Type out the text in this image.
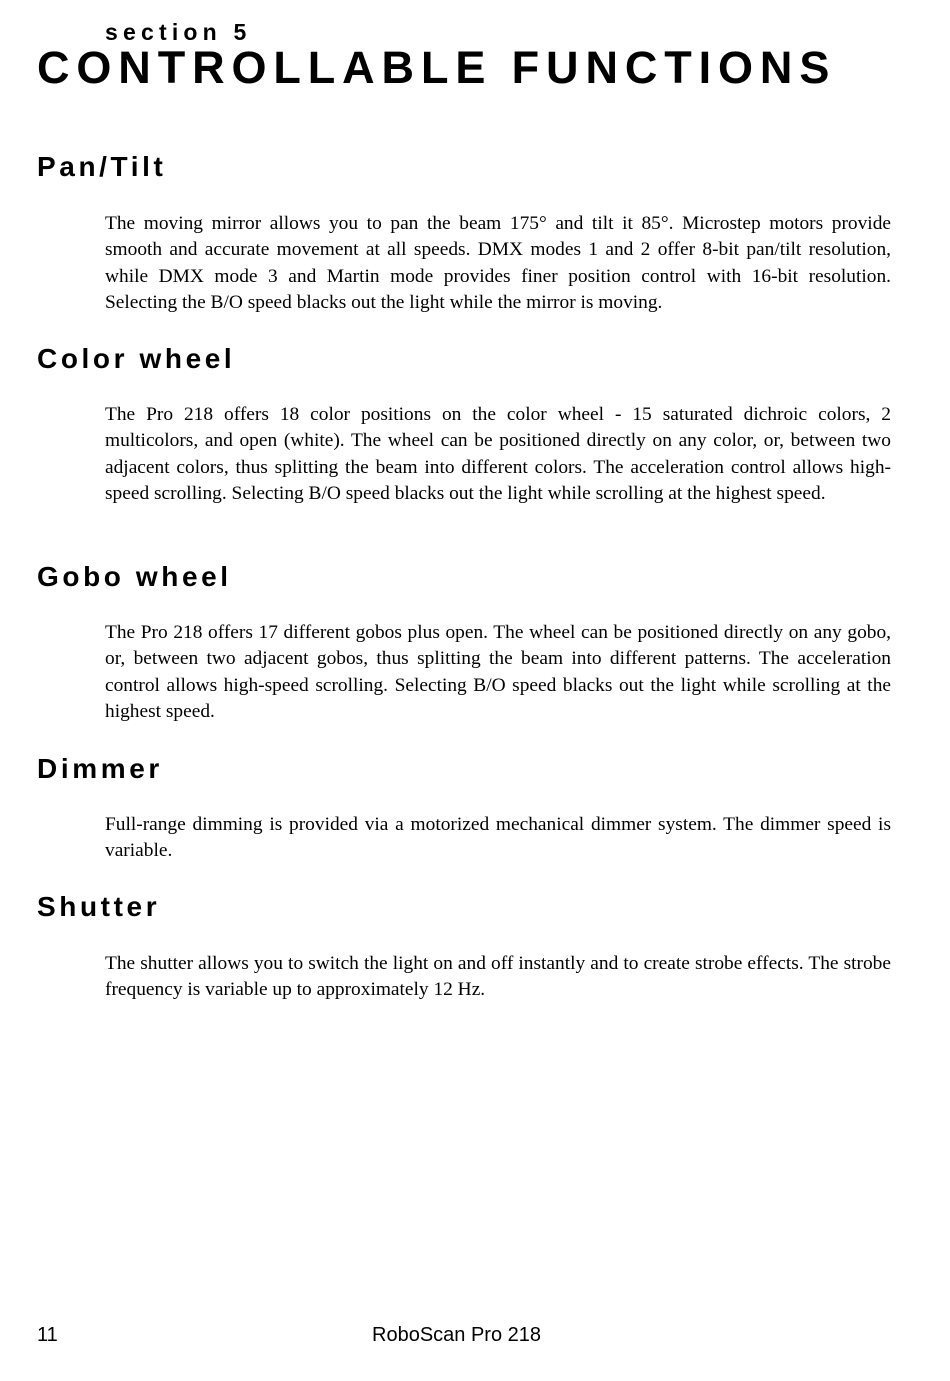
section 5
CONTROLLABLE FUNCTIONS
Pan/Tilt

The moving mirror allows you to pan the beam 175° and tilt it 85°. Microstep motors provide smooth and accurate movement at all speeds. DMX modes 1 and 2 offer 8-bit pan/tilt resolution, while DMX mode 3 and Martin mode provides finer position control with 16-bit resolution. Selecting the B/O speed blacks out the light while the mirror is moving.

Color wheel

The Pro 218 offers 18 color positions on the color wheel - 15 saturated dichroic colors, 2 multicolors, and open (white). The wheel can be positioned directly on any color, or, between two adjacent colors, thus splitting the beam into different colors. The acceleration control allows high-speed scrolling. Selecting B/O speed blacks out the light while scrolling at the highest speed.

Gobo wheel

The Pro 218 offers 17 different gobos plus open. The wheel can be positioned directly on any gobo, or, between two adjacent gobos, thus splitting the beam into different patterns. The acceleration control allows high-speed scrolling. Selecting B/O speed blacks out the light while scrolling at the highest speed.

Dimmer

Full-range dimming is provided via a motorized mechanical dimmer system. The dimmer speed is variable.

Shutter

The shutter allows you to switch the light on and off instantly and to create strobe effects. The strobe frequency is variable up to approximately 12 Hz.

11	RoboScan Pro 218
